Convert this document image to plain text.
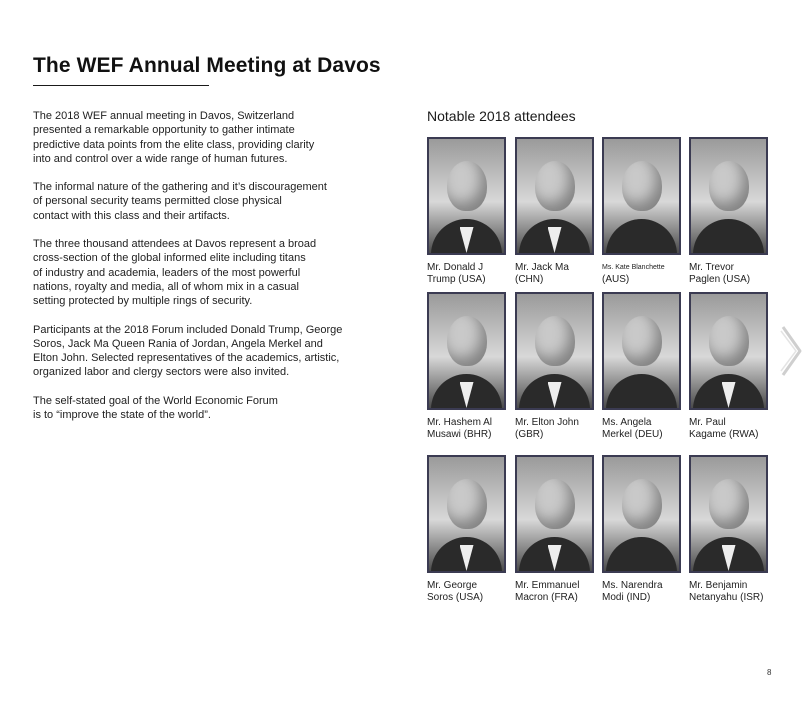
The WEF Annual Meeting at Davos

The 2018 WEF annual meeting in Davos, Switzerland
presented a remarkable opportunity to gather intimate
predictive data points from the elite class, providing clarity
into and control over a wide range of human futures.

The informal nature of the gathering and it’s discouragement
of personal security teams permitted close physical
contact with this class and their artifacts.

The three thousand attendees at Davos represent a broad
cross-section of the global informed elite including titans
of industry and academia, leaders of the most powerful
nations, royalty and media, all of whom mix in a casual
setting protected by multiple rings of security.

Participants at the 2018 Forum included Donald Trump, George
Soros, Jack Ma Queen Rania of Jordan, Angela Merkel and
Elton John. Selected representatives of the academics, artistic,
organized labor and clergy sectors were also invited.

The self-stated goal of the World Economic Forum
is to “improve the state of the world”.

Notable 2018 attendees
Mr. Donald J
Trump (USA)
Mr. Jack Ma
(CHN)
Ms. Kate Blanchette
(AUS)
Mr. Trevor
Paglen (USA)
Mr. Hashem Al
Musawi (BHR)
Mr. Elton John
(GBR)
Ms. Angela
Merkel (DEU)
Mr. Paul
Kagame (RWA)
Mr. George
Soros (USA)
Mr. Emmanuel
Macron (FRA)
Ms. Narendra
Modi (IND)
Mr. Benjamin
Netanyahu (ISR)
8
